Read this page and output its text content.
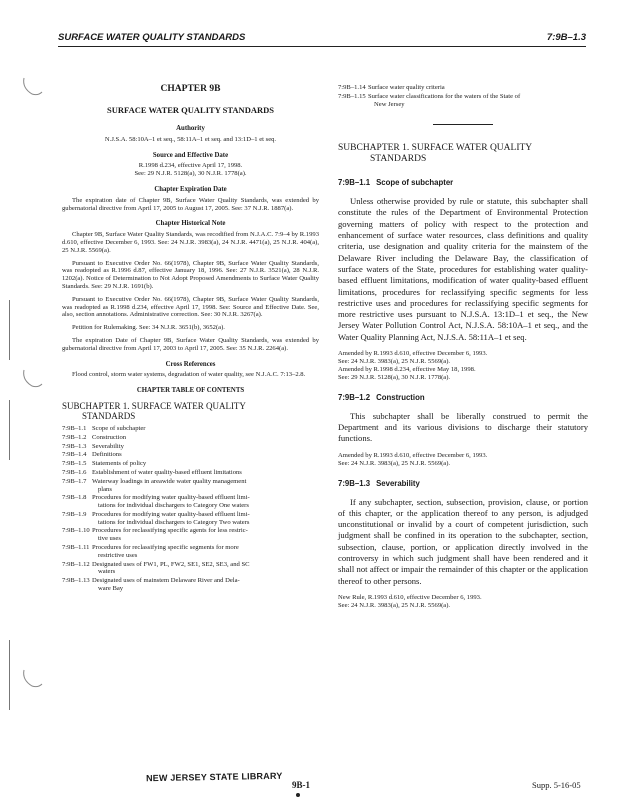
SURFACE WATER QUALITY STANDARDS	7:9B–1.3
CHAPTER 9B
SURFACE WATER QUALITY STANDARDS
Authority
N.J.S.A. 58:10A–1 et seq., 58:11A–1 et seq. and 13:1D–1 et seq.
Source and Effective Date
R.1998 d.234, effective April 17, 1998.
See: 29 N.J.R. 5128(a), 30 N.J.R. 1778(a).
Chapter Expiration Date
The expiration date of Chapter 9B, Surface Water Quality Standards, was extended by gubernatorial directive from April 17, 2005 to August 17, 2005. See: 37 N.J.R. 1887(a).
Chapter Historical Note
Chapter 9B, Surface Water Quality Standards, was recodified from N.J.A.C. 7:9–4 by R.1993 d.610, effective December 6, 1993. See: 24 N.J.R. 3983(a), 24 N.J.R. 4471(a), 25 N.J.R. 404(a), 25 N.J.R. 5569(a).
Pursuant to Executive Order No. 66(1978), Chapter 9B, Surface Water Quality Standards, was readopted as R.1996 d.87, effective January 18, 1996. See: 27 N.J.R. 3521(a), 28 N.J.R. 1202(a). Notice of Determination to Not Adopt Proposed Amendments to Surface Water Quality Standards. See: 29 N.J.R. 1691(b).
Pursuant to Executive Order No. 66(1978), Chapter 9B, Surface Water Quality Standards, was readopted as R.1998 d.234, effective April 17, 1998. See: Source and Effective Date. See, also, section annotations. Administrative correction. See: 30 N.J.R. 3267(a).
Petition for Rulemaking. See: 34 N.J.R. 3651(b), 3652(a).
The expiration Date of Chapter 9B, Surface Water Quality Standards, was extended by gubernatorial directive from April 17, 2003 to April 17, 2005. See: 35 N.J.R. 2264(a).
Cross References
Flood control, storm water systems, degradation of water quality, see N.J.A.C. 7:13–2.8.
CHAPTER TABLE OF CONTENTS
SUBCHAPTER 1. SURFACE WATER QUALITY
STANDARDS
7:9B–1.1 Scope of subchapter
7:9B–1.2 Construction
7:9B–1.3 Severability
7:9B–1.4 Definitions
7:9B–1.5 Statements of policy
7:9B–1.6 Establishment of water quality-based effluent limitations
7:9B–1.7 Waterway loadings in areawide water quality management
plans
7:9B–1.8 Procedures for modifying water quality-based effluent limi-
tations for individual dischargers to Category One waters
7:9B–1.9 Procedures for modifying water quality-based effluent limi-
tations for individual dischargers to Category Two waters
7:9B–1.10 Procedures for reclassifying specific agents for less restric-
tive uses
7:9B–1.11 Procedures for reclassifying specific segments for more
restrictive uses
7:9B–1.12 Designated uses of FW1, PL, FW2, SE1, SE2, SE3, and SC
waters
7:9B–1.13 Designated uses of mainstem Delaware River and Dela-
ware Bay
7:9B–1.14 Surface water quality criteria
7:9B–1.15 Surface water classifications for the waters of the State of
New Jersey
SUBCHAPTER 1. SURFACE WATER QUALITY
STANDARDS
7:9B–1.1 Scope of subchapter
Unless otherwise provided by rule or statute, this subchapter shall constitute the rules of the Department of Environmental Protection governing matters of policy with respect to the protection and enhancement of surface water resources, class definitions and quality criteria, use designation and quality criteria for the mainstem of the Delaware River including the Delaware Bay, the classification of surface waters of the State, procedures for establishing water quality-based effluent limitations, modification of water quality-based effluent limitations, procedures for reclassifying specific segments for less restrictive uses and procedures for reclassifying specific segments for more restrictive uses pursuant to N.J.S.A. 13:1D–1 et seq., the New Jersey Water Pollution Control Act, N.J.S.A. 58:10A–1 et seq., and the Water Quality Planning Act, N.J.S.A. 58:11A–1 et seq.
Amended by R.1993 d.610, effective December 6, 1993.
See: 24 N.J.R. 3983(a), 25 N.J.R. 5569(a).
Amended by R.1998 d.234, effective May 18, 1998.
See: 29 N.J.R. 5128(a), 30 N.J.R. 1778(a).
7:9B–1.2 Construction
This subchapter shall be liberally construed to permit the Department and its various divisions to discharge their statutory functions.
Amended by R.1993 d.610, effective December 6, 1993.
See: 24 N.J.R. 3983(a), 25 N.J.R. 5569(a).
7:9B–1.3 Severability
If any subchapter, section, subsection, provision, clause, or portion of this chapter, or the application thereof to any person, is adjudged unconstitutional or invalid by a court of competent jurisdiction, such judgment shall be confined in its operation to the subchapter, section, subsection, clause, portion, or application directly involved in the controversy in which such judgment shall have been rendered and it shall not affect or impair the remainder of this chapter or the application thereof to other persons.
New Rule, R.1993 d.610, effective December 6, 1993.
See: 24 N.J.R. 3983(a), 25 N.J.R. 5569(a).
NEW JERSEY STATE LIBRARY
9B-1	Supp. 5-16-05
